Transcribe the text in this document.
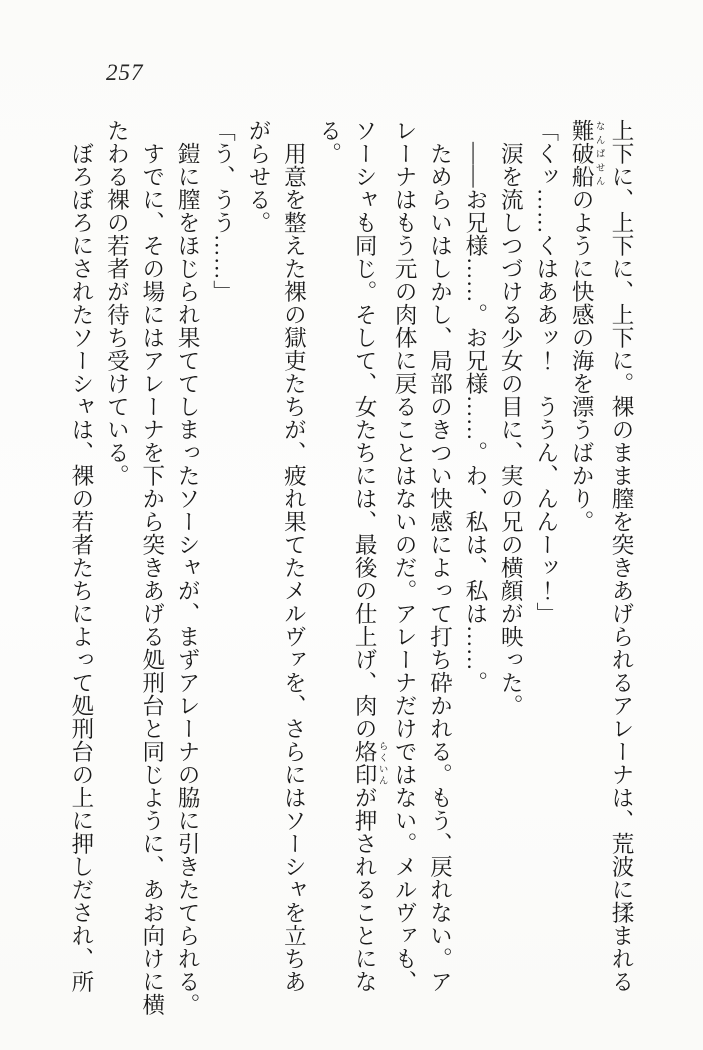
257

上下に、上下に、上下に。裸のまま膣を突きあげられるアレーナは、荒波に揉まれる

難破船 なんぱせんのように快感の海を漂うばかり。

「くッ……くはああッ！　ううん、んんーッ！」

涙を流しつづける少女の目に、実の兄の横顔が映った。

――お兄様……。お兄様……。わ、私は、私は……。

ためらいはしかし、局部のきつい快感によって打ち砕かれる。もう、戻れない。ア

レーナはもう元の肉体に戻ることはないのだ。アレーナだけではない。メルヴァも、

ソーシャも同じ。そして、女たちには、最後の仕上げ、肉の烙印 らくいんが押されることにな

る。

用意を整えた裸の獄吏たちが、疲れ果てたメルヴァを、さらにはソーシャを立ちあ

がらせる。

「う、うう……」

鎧に膣をほじられ果ててしまったソーシャが、まずアレーナの脇に引きたてられる。

すでに、その場にはアレーナを下から突きあげる処刑台と同じように、あお向けに横

たわる裸の若者が待ち受けている。

ぼろぼろにされたソーシャは、裸の若者たちによって処刑台の上に押しだされ、所
